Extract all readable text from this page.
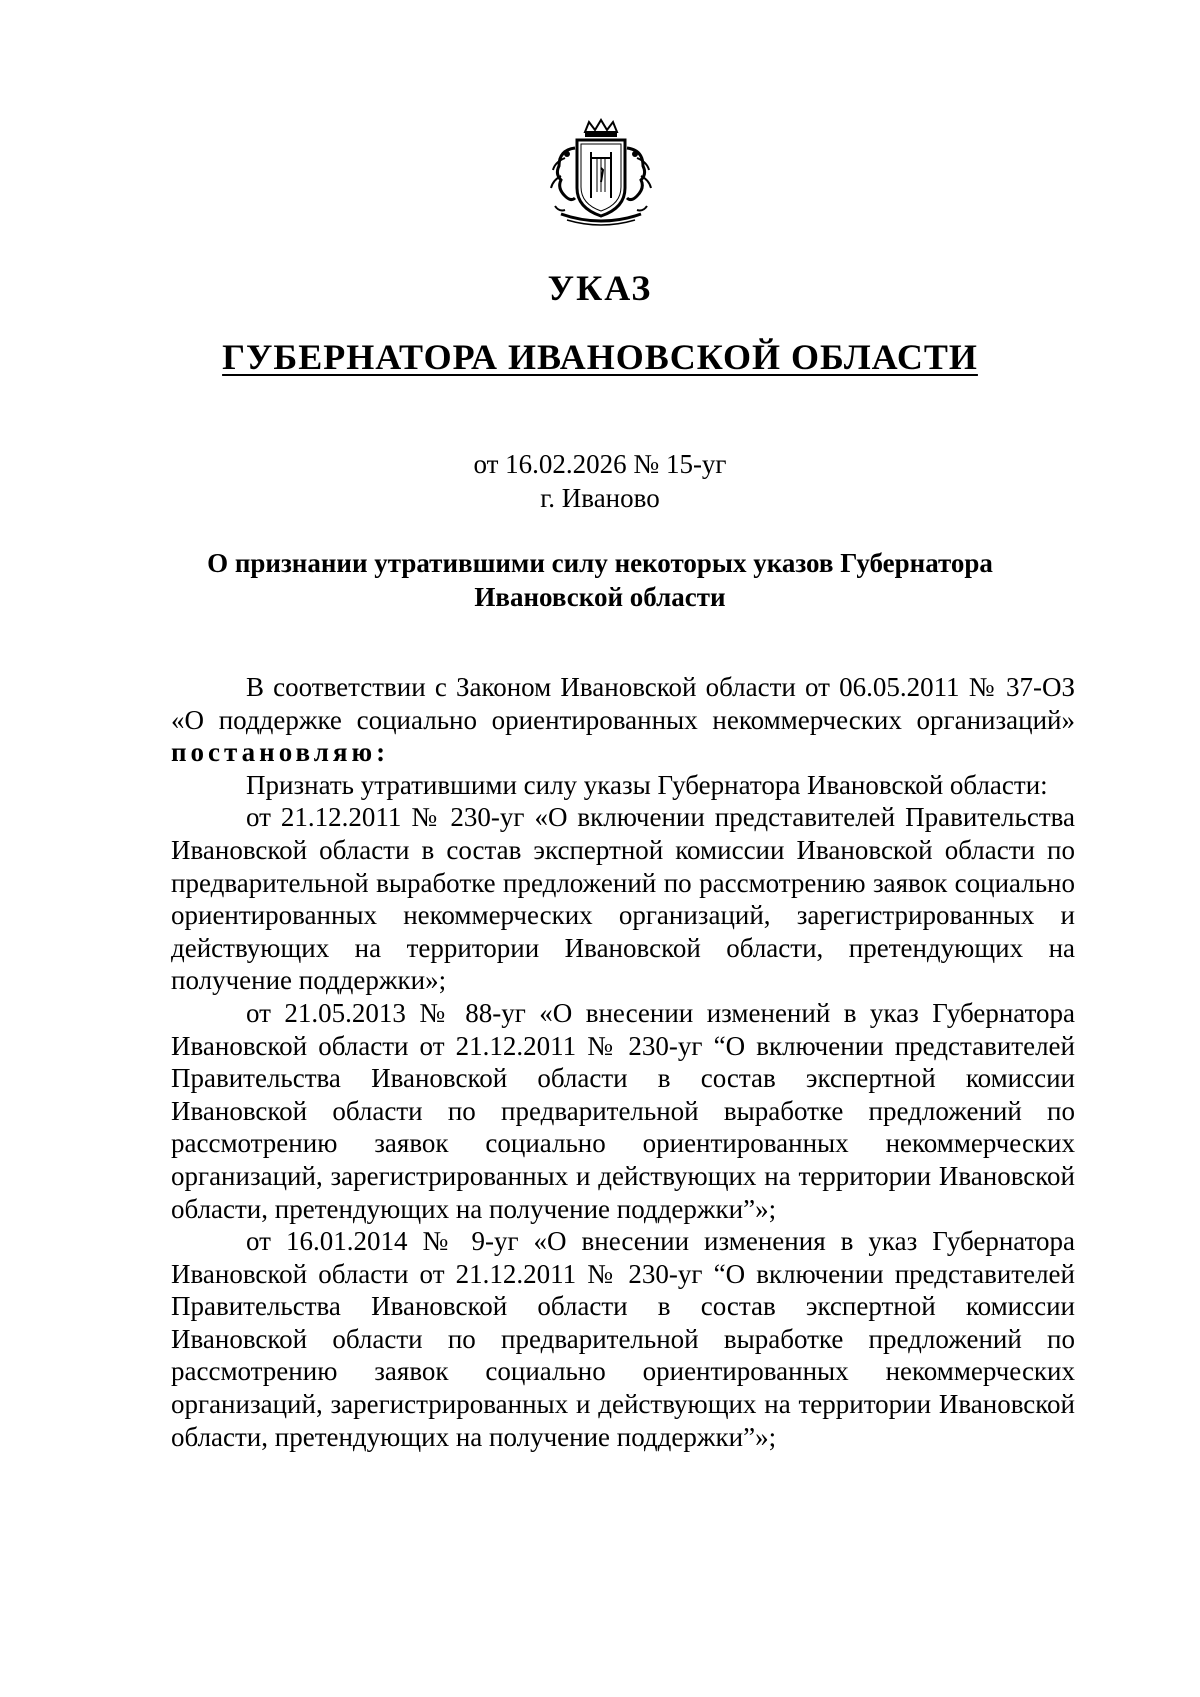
УКАЗ
ГУБЕРНАТОРА ИВАНОВСКОЙ ОБЛАСТИ
от 16.02.2026 № 15-уг
г. Иваново
О признании утратившими силу некоторых указов Губернатора
Ивановской области

В соответствии с Законом Ивановской области от 06.05.2011 № 37-ОЗ «О поддержке социально ориентированных некоммерческих организаций» постановляю:

Признать утратившими силу указы Губернатора Ивановской области:

от 21.12.2011 № 230-уг «О включении представителей Правительства Ивановской области в состав экспертной комиссии Ивановской области по предварительной выработке предложений по рассмотрению заявок социально ориентированных некоммерческих организаций, зарегистрированных и действующих на территории Ивановской области, претендующих на получение поддержки»;

от 21.05.2013 № 88-уг «О внесении изменений в указ Губернатора Ивановской области от 21.12.2011 № 230-уг “О включении представителей Правительства Ивановской области в состав экспертной комиссии Ивановской области по предварительной выработке предложений по рассмотрению заявок социально ориентированных некоммерческих организаций, зарегистрированных и действующих на территории Ивановской области, претендующих на получение поддержки”»;

от 16.01.2014 № 9-уг «О внесении изменения в указ Губернатора Ивановской области от 21.12.2011 № 230-уг “О включении представителей Правительства Ивановской области в состав экспертной комиссии Ивановской области по предварительной выработке предложений по рассмотрению заявок социально ориентированных некоммерческих организаций, зарегистрированных и действующих на территории Ивановской области, претендующих на получение поддержки”»;
